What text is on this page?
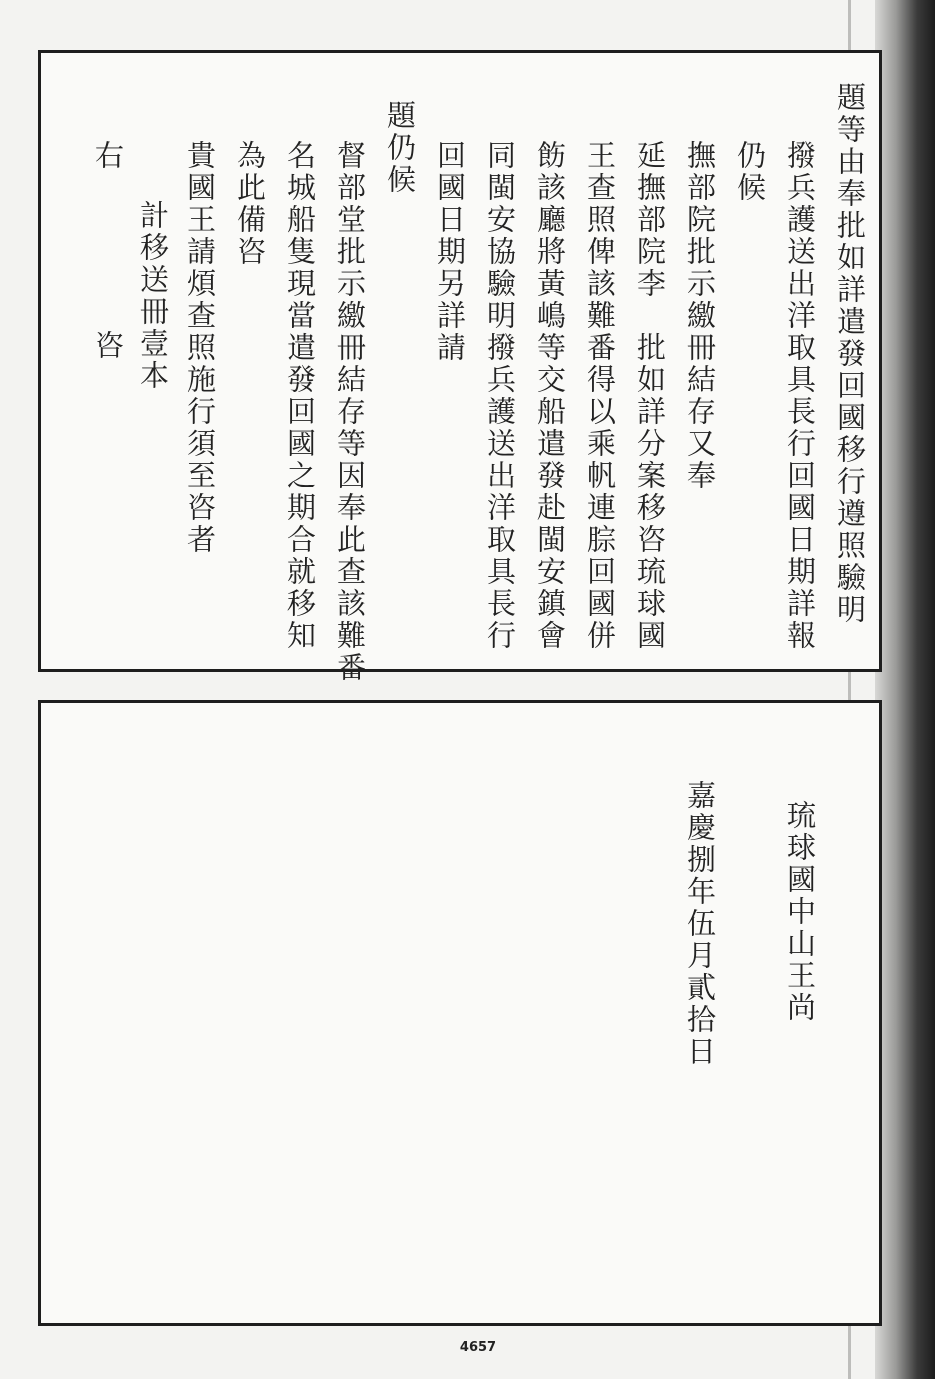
題等由奉批如詳遣發回國移行遵照驗明
撥兵護送出洋取具長行回國日期詳報
仍候
撫部院批示繳冊結存又奉
延撫部院李　批如詳分案移咨琉球國
王查照俾該難番得以乘帆連腙回國併
飭該廳將黃嶋等交船遣發赴閩安鎮會
同閩安協驗明撥兵護送出洋取具長行
回國日期另詳請
題仍候
督部堂批示繳冊結存等因奉此查該難番
名城船隻現當遣發回國之期合就移知
為此備咨
貴國王請煩查照施行須至咨者
計移送冊壹本
右
咨
琉球國中山王尚
嘉慶捌年伍月貳拾日
4657
